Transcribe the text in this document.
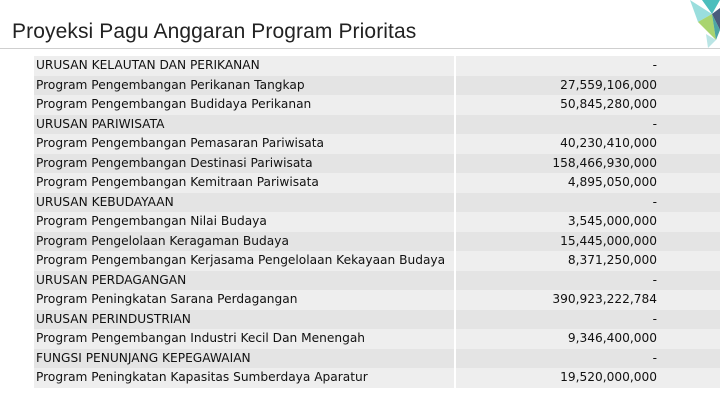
Proyeksi Pagu Anggaran Program Prioritas
URUSAN KELAUTAN DAN PERIKANAN	-
Program Pengembangan Perikanan Tangkap	27,559,106,000
Program Pengembangan Budidaya Perikanan	50,845,280,000
URUSAN PARIWISATA	-
Program Pengembangan Pemasaran Pariwisata	40,230,410,000
Program Pengembangan Destinasi Pariwisata	158,466,930,000
Program Pengembangan Kemitraan Pariwisata	4,895,050,000
URUSAN KEBUDAYAAN	-
Program Pengembangan Nilai Budaya	3,545,000,000
Program Pengelolaan Keragaman Budaya	15,445,000,000
Program Pengembangan Kerjasama Pengelolaan Kekayaan Budaya	8,371,250,000
URUSAN PERDAGANGAN	-
Program Peningkatan Sarana Perdagangan	390,923,222,784
URUSAN PERINDUSTRIAN	-
Program Pengembangan Industri Kecil Dan Menengah	9,346,400,000
FUNGSI PENUNJANG KEPEGAWAIAN	-
Program Peningkatan Kapasitas Sumberdaya Aparatur	19,520,000,000
